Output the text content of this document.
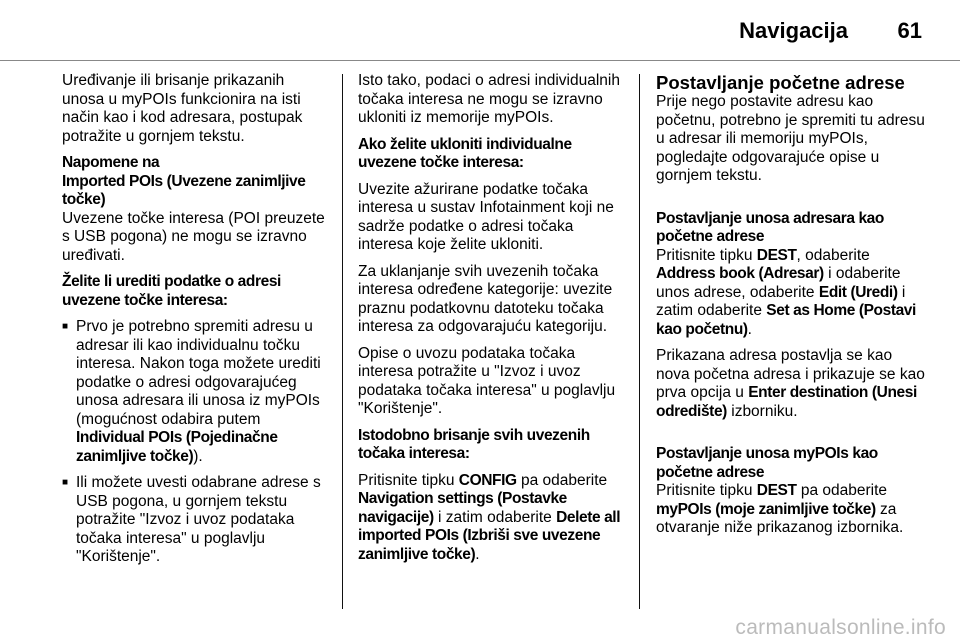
Navigacija	61

Uređivanje ili brisanje prikazanih unosa u myPOIs funkcionira na isti način kao i kod adresara, postupak potražite u gornjem tekstu.

Napomene na
Imported POIs (Uvezene zanimljive točke)

Uvezene točke interesa (POI preuzete s USB pogona) ne mogu se izravno uređivati.

Želite li urediti podatke o adresi uvezene točke interesa:

■ Prvo je potrebno spremiti adresu u adresar ili kao individualnu točku interesa. Nakon toga možete urediti podatke o adresi odgovarajućeg unosa adresara ili unosa iz myPOIs (mogućnost odabira putem
Individual POIs (Pojedinačne zanimljive točke)).
■ Ili možete uvesti odabrane adrese s USB pogona, u gornjem tekstu potražite "Izvoz i uvoz podataka točaka interesa" u poglavlju "Korištenje".

Isto tako, podaci o adresi individualnih točaka interesa ne mogu se izravno ukloniti iz memorije myPOIs.

Ako želite ukloniti individualne uvezene točke interesa:

Uvezite ažurirane podatke točaka interesa u sustav Infotainment koji ne sadrže podatke o adresi točaka interesa koje želite ukloniti.

Za uklanjanje svih uvezenih točaka interesa određene kategorije: uvezite praznu podatkovnu datoteku točaka interesa za odgovarajuću kategoriju.

Opise o uvozu podataka točaka interesa potražite u "Izvoz i uvoz podataka točaka interesa" u poglavlju "Korištenje".

Istodobno brisanje svih uvezenih točaka interesa:

Pritisnite tipku CONFIG pa odaberite Navigation settings (Postavke navigacije) i zatim odaberite Delete all imported POIs (Izbriši sve uvezene zanimljive točke).

Postavljanje početne adrese

Prije nego postavite adresu kao početnu, potrebno je spremiti tu adresu u adresar ili memoriju myPOIs, pogledajte odgovarajuće opise u gornjem tekstu.

Postavljanje unosa adresara kao početne adrese

Pritisnite tipku DEST, odaberite Address book (Adresar) i odaberite unos adrese, odaberite Edit (Uredi) i zatim odaberite Set as Home (Postavi kao početnu).

Prikazana adresa postavlja se kao nova početna adresa i prikazuje se kao prva opcija u Enter destination (Unesi odredište) izborniku.

Postavljanje unosa myPOIs kao početne adrese

Pritisnite tipku DEST pa odaberite myPOIs (moje zanimljive točke) za otvaranje niže prikazanog izbornika.

carmanualsonline.info
